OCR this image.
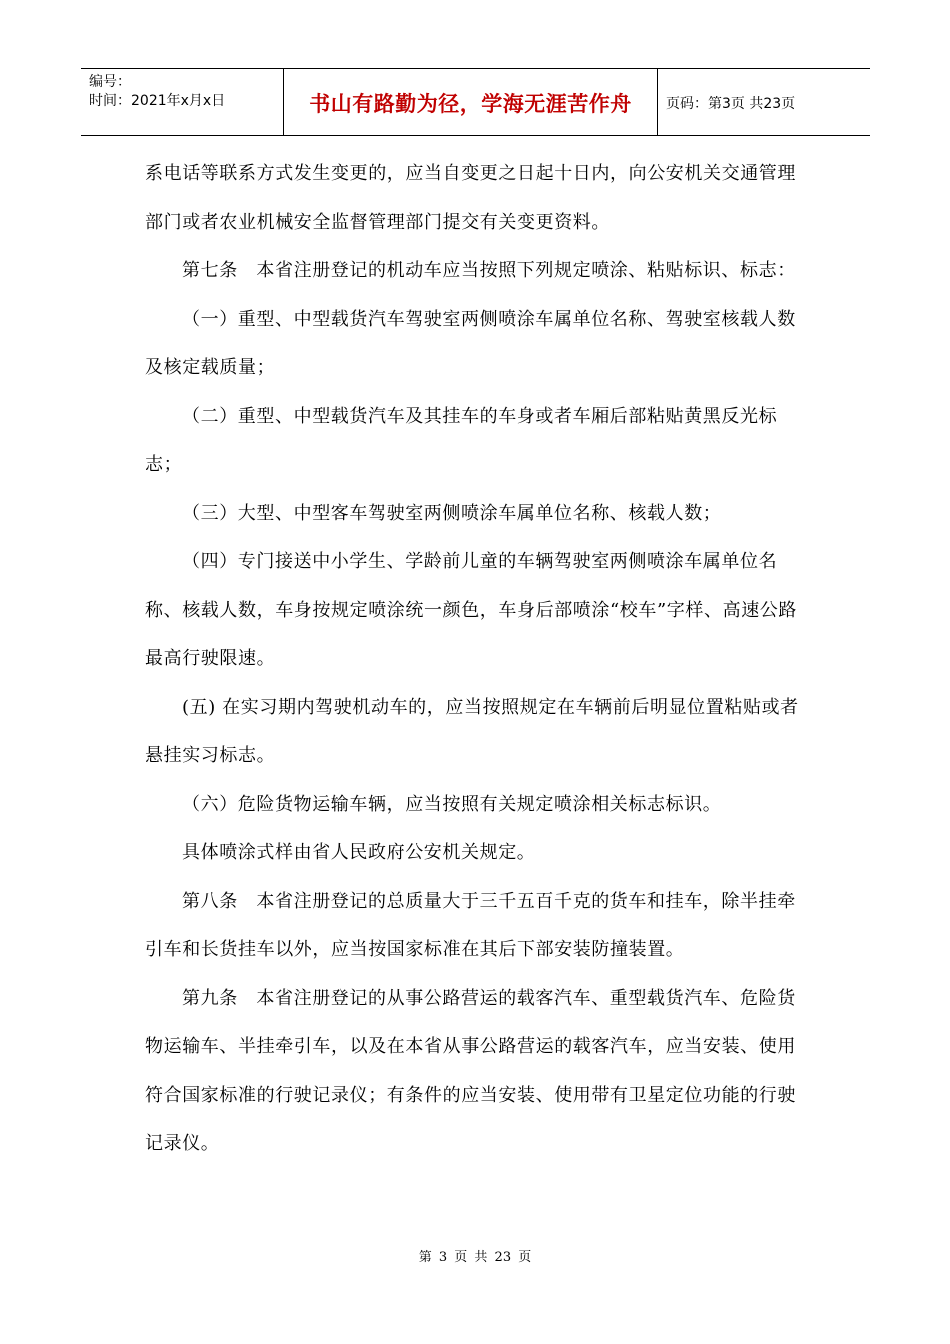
编号：
时间：2021年x月x日	书山有路勤为径，学海无涯苦作舟	页码：第3页 共23页

系电话等联系方式发生变更的，应当自变更之日起十日内，向公安机关交通管理部门或者农业机械安全监督管理部门提交有关变更资料。

第七条　本省注册登记的机动车应当按照下列规定喷涂、粘贴标识、标志：

（一）重型、中型载货汽车驾驶室两侧喷涂车属单位名称、驾驶室核载人数及核定载质量；

（二）重型、中型载货汽车及其挂车的车身或者车厢后部粘贴黄黑反光标志；

（三）大型、中型客车驾驶室两侧喷涂车属单位名称、核载人数；

（四）专门接送中小学生、学龄前儿童的车辆驾驶室两侧喷涂车属单位名称、核载人数，车身按规定喷涂统一颜色，车身后部喷涂“校车”字样、高速公路最高行驶限速。

(五) 在实习期内驾驶机动车的，应当按照规定在车辆前后明显位置粘贴或者悬挂实习标志。

（六）危险货物运输车辆，应当按照有关规定喷涂相关标志标识。

具体喷涂式样由省人民政府公安机关规定。

第八条　本省注册登记的总质量大于三千五百千克的货车和挂车，除半挂牵引车和长货挂车以外，应当按国家标准在其后下部安装防撞装置。

第九条　本省注册登记的从事公路营运的载客汽车、重型载货汽车、危险货物运输车、半挂牵引车，以及在本省从事公路营运的载客汽车，应当安装、使用符合国家标准的行驶记录仪；有条件的应当安装、使用带有卫星定位功能的行驶记录仪。

第 3 页 共 23 页
